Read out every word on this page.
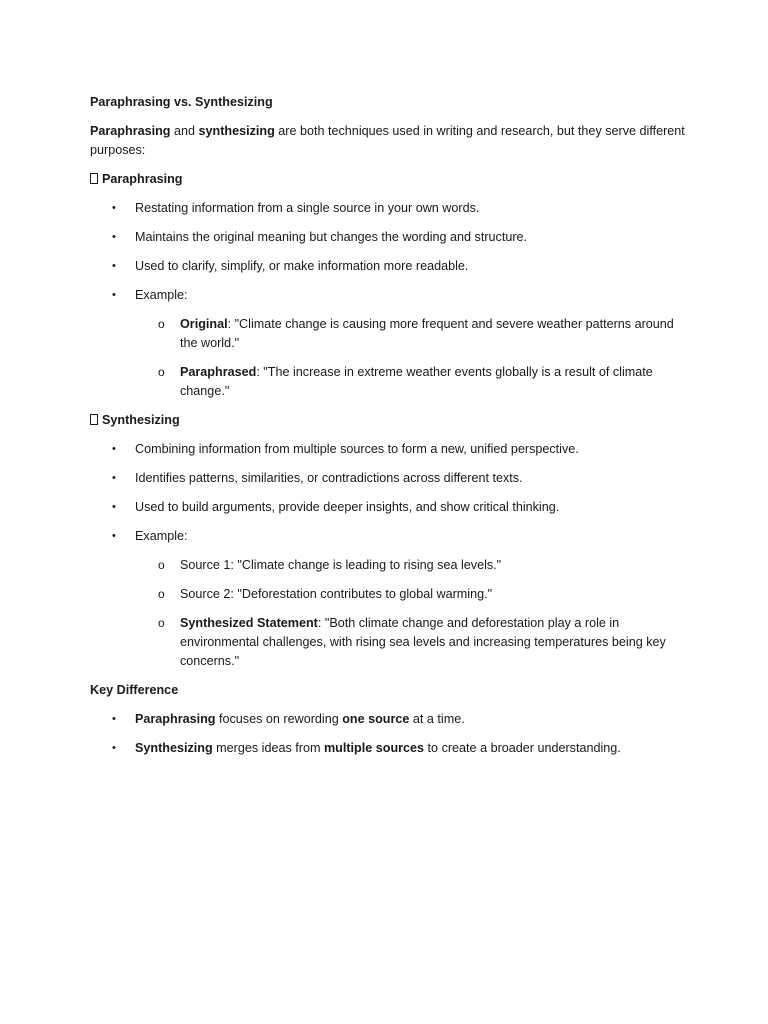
Paraphrasing vs. Synthesizing

Paraphrasing and synthesizing are both techniques used in writing and research, but they serve different purposes:

Paraphrasing

• Restating information from a single source in your own words.
• Maintains the original meaning but changes the wording and structure.
• Used to clarify, simplify, or make information more readable.
• Example:
o Original: "Climate change is causing more frequent and severe weather patterns around the world."
o Paraphrased: "The increase in extreme weather events globally is a result of climate change."

Synthesizing

• Combining information from multiple sources to form a new, unified perspective.
• Identifies patterns, similarities, or contradictions across different texts.
• Used to build arguments, provide deeper insights, and show critical thinking.
• Example:
o Source 1: "Climate change is leading to rising sea levels."
o Source 2: "Deforestation contributes to global warming."
o Synthesized Statement: "Both climate change and deforestation play a role in environmental challenges, with rising sea levels and increasing temperatures being key concerns."

Key Difference

• Paraphrasing focuses on rewording one source at a time.
• Synthesizing merges ideas from multiple sources to create a broader understanding.
